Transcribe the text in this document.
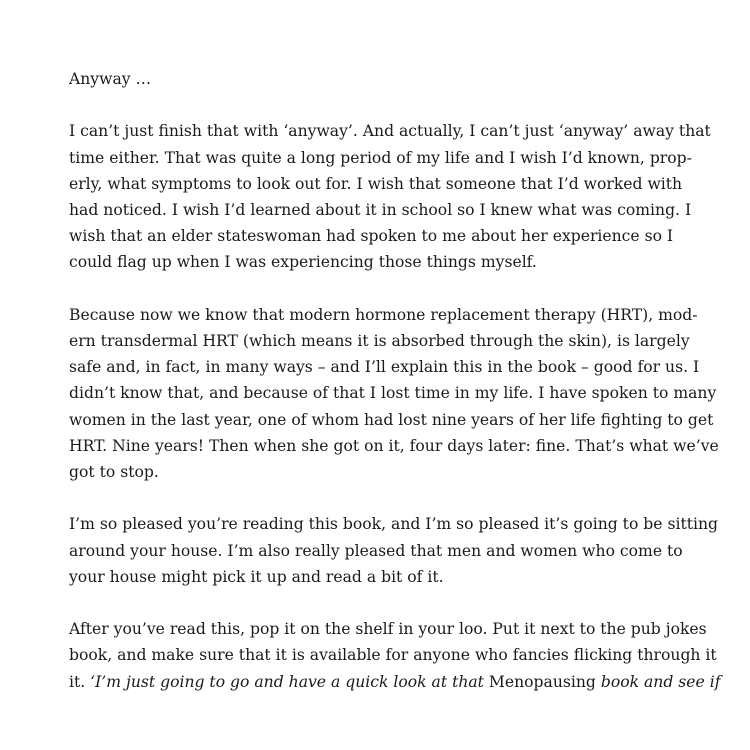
Anyway …

I can’t just finish that with ‘anyway’. And actually, I can’t just ‘anyway’ away that
time either. That was quite a long period of my life and I wish I’d known, prop-
erly, what symptoms to look out for. I wish that someone that I’d worked with
had noticed. I wish I’d learned about it in school so I knew what was coming. I
wish that an elder stateswoman had spoken to me about her experience so I
could flag up when I was experiencing those things myself.

Because now we know that modern hormone replacement therapy (HRT), mod-
ern transdermal HRT (which means it is absorbed through the skin), is largely
safe and, in fact, in many ways – and I’ll explain this in the book – good for us. I
didn’t know that, and because of that I lost time in my life. I have spoken to many
women in the last year, one of whom had lost nine years of her life fighting to get
HRT. Nine years! Then when she got on it, four days later: fine. That’s what we’ve
got to stop.

I’m so pleased you’re reading this book, and I’m so pleased it’s going to be sitting
around your house. I’m also really pleased that men and women who come to
your house might pick it up and read a bit of it.

After you’ve read this, pop it on the shelf in your loo. Put it next to the pub jokes
book, and make sure that it is available for anyone who fancies flicking through it
it. ‘I’m just going to go and have a quick look at that Menopausing book and see if
